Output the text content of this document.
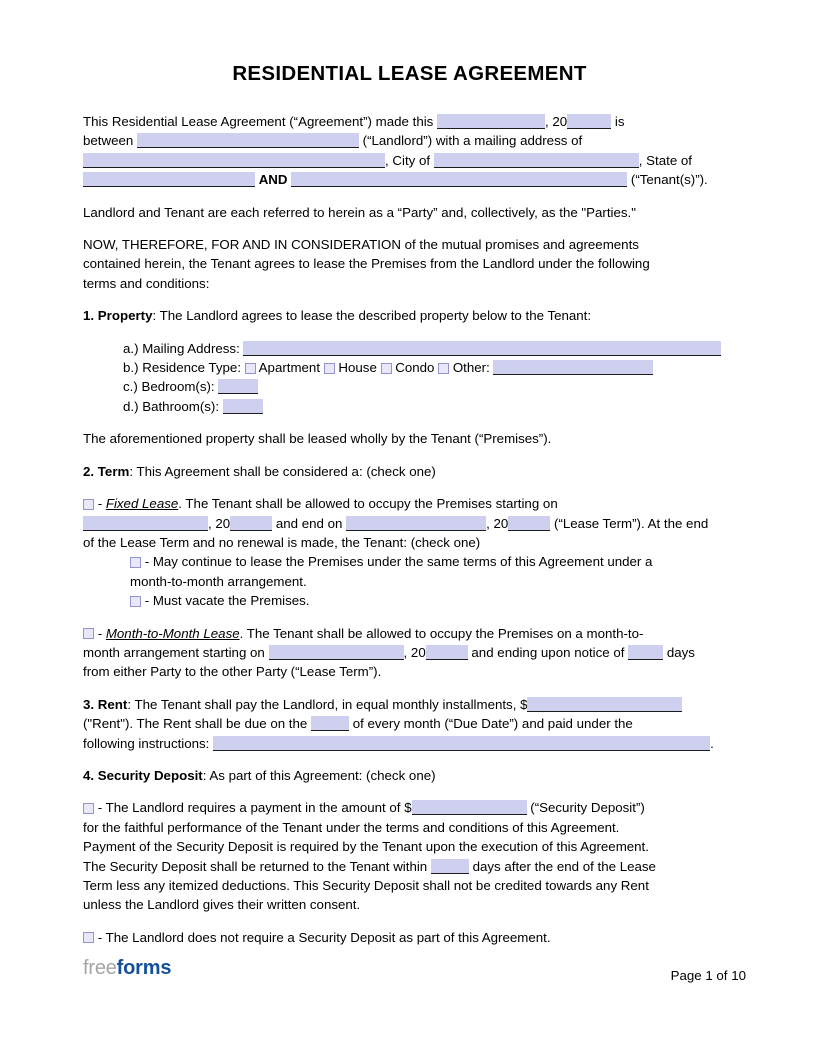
RESIDENTIAL LEASE AGREEMENT
This Residential Lease Agreement (“Agreement”) made this	, 20	is
between	(“Landlord”) with a mailing address of
, City of	, State of
AND	(“Tenant(s)”).
Landlord and Tenant are each referred to herein as a “Party” and, collectively, as the "Parties."
NOW, THEREFORE, FOR AND IN CONSIDERATION of the mutual promises and agreements
contained herein, the Tenant agrees to lease the Premises from the Landlord under the following
terms and conditions:
1. Property: The Landlord agrees to lease the described property below to the Tenant:
a.) Mailing Address:
b.) Residence Type:  Apartment  House  Condo  Other:
c.) Bedroom(s):
d.) Bathroom(s):
The aforementioned property shall be leased wholly by the Tenant (“Premises”).
2. Term: This Agreement shall be considered a: (check one)
- Fixed Lease. The Tenant shall be allowed to occupy the Premises starting on
, 20	and end on	, 20	(“Lease Term”). At the end
of the Lease Term and no renewal is made, the Tenant: (check one)
- May continue to lease the Premises under the same terms of this Agreement under a
month-to-month arrangement.
- Must vacate the Premises.
- Month-to-Month Lease. The Tenant shall be allowed to occupy the Premises on a month-to-
month arrangement starting on	, 20	and ending upon notice of	days
from either Party to the other Party (“Lease Term”).
3. Rent: The Tenant shall pay the Landlord, in equal monthly installments, $
("Rent"). The Rent shall be due on the	of every month (“Due Date”) and paid under the
following instructions:	.
4. Security Deposit: As part of this Agreement: (check one)
- The Landlord requires a payment in the amount of $	(“Security Deposit”)
for the faithful performance of the Tenant under the terms and conditions of this Agreement.
Payment of the Security Deposit is required by the Tenant upon the execution of this Agreement.
The Security Deposit shall be returned to the Tenant within	days after the end of the Lease
Term less any itemized deductions. This Security Deposit shall not be credited towards any Rent
unless the Landlord gives their written consent.
- The Landlord does not require a Security Deposit as part of this Agreement.
freeforms	Page 1 of 10
